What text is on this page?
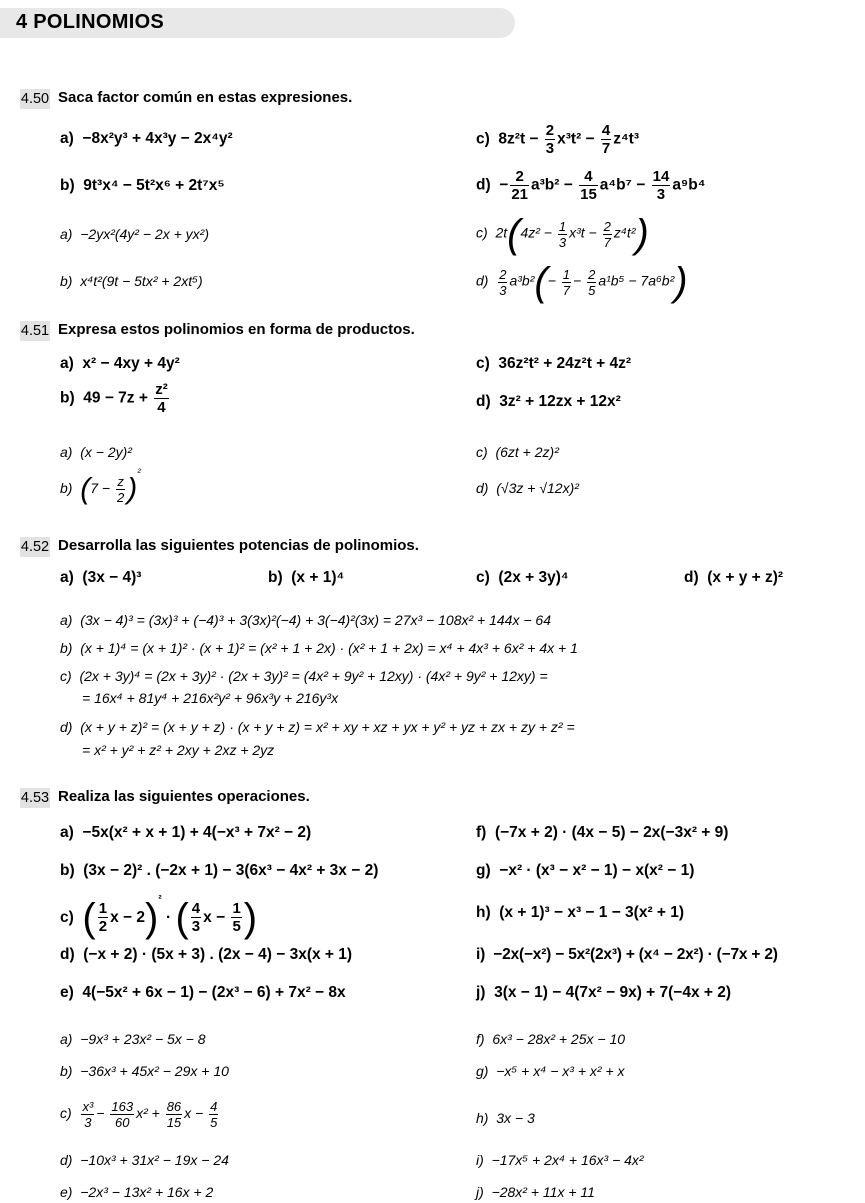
4 POLINOMIOS
4.50 Saca factor común en estas expresiones.
a) −8x²y³ + 4x³y − 2x⁴y²
b) 9t³x⁴ − 5t²x⁶ + 2t⁷x⁵
c) $8z^2t - \frac{2}{3} x^3t^2 - \frac{4}{7} z^4t^3$
$d) - \frac{2}{21} a^3b^2 - \frac{4}{15} a^4b^7 - \frac{14}{3} a^9b^4$
a) −2yx²(4y² − 2x + yx²)
b) x⁴t²(9t − 5tx² + 2xt⁵)
c) $2t(4z^2 - \frac{1}{3} x^3t - \frac{2}{7} z^4t^2)$
$d) \frac{2}{3} a^3b^2(- \frac{1}{7} - \frac{2}{5} a^1b^5 - 7a^6b^2)$
4.51 Expresa estos polinomios en forma de productos.
a) x² − 4xy + 4y²
b) $49 - 7z + \frac{\text{z²}}{4}$
c) 36z²t² + 24z²t + 4z²
d) 3z² + 12zx + 12x²
a) (x − 2y)²
b) $(7 - \frac{z}{2} )^{^2}$
c) (6zt + 2z)²
d) (√3z + √12x)²
4.52 Desarrolla las siguientes potencias de polinomios.
a) (3x − 4)³	b) (x + 1)⁴	c) (2x + 3y)⁴	d) (x + y + z)²
a) (3x − 4)³ = (3x)³ + (−4)³ + 3(3x)²(−4) + 3(−4)²(3x) = 27x³ − 108x² + 144x − 64
b) (x + 1)⁴ = (x + 1)² · (x + 1)² = (x² + 1 + 2x) · (x² + 1 + 2x) = x⁴ + 4x³ + 6x² + 4x + 1
c) (2x + 3y)⁴ = (2x + 3y)² · (2x + 3y)² = (4x² + 9y² + 12xy) · (4x² + 9y² + 12xy) =
= 16x⁴ + 81y⁴ + 216x²y² + 96x³y + 216y³x
d) (x + y + z)² = (x + y + z) · (x + y + z) = x² + xy + xz + yx + y² + yz + zx + zy + z² =
= x² + y² + z² + 2xy + 2xz + 2yz
4.53 Realiza las siguientes operaciones.
a) −5x(x² + x + 1) + 4(−x³ + 7x² − 2)
b) (3x − 2)² . (−2x + 1) − 3(6x³ − 4x² + 3x − 2)
c) ( $\frac{1}{2}$ x − 2)$^{^2}$ · ( $\frac{4}{3}$ $x - \frac{1}{5}$ )
d) (−x + 2) · (5x + 3) . (2x − 4) − 3x(x + 1)
e) 4(−5x² + 6x − 1) − (2x³ − 6) + 7x² − 8x
f) (−7x + 2) · (4x − 5) − 2x(−3x² + 9)
g) −x² · (x³ − x² − 1) − x(x² − 1)
h) (x + 1)³ − x³ − 1 − 3(x² + 1)
i) −2x(−x²) − 5x²(2x³) + (x⁴ − 2x²) · (−7x + 2)
j) 3(x − 1) − 4(7x² − 9x) + 7(−4x + 2)
a) −9x³ + 23x² − 5x − 8
b) −36x³ + 45x² − 29x + 10
$c) \frac{\text{x³}}{3} - \frac{163}{60} x^2 + \frac{86}{15}$ $x - \frac{4}{5}$
d) −10x³ + 31x² − 19x − 24
e) −2x³ − 13x² + 16x + 2
f) 6x³ − 28x² + 25x − 10
g) −x⁵ + x⁴ − x³ + x² + x
h) 3x − 3
i) −17x⁵ + 2x⁴ + 16x³ − 4x²
j) −28x² + 11x + 11
